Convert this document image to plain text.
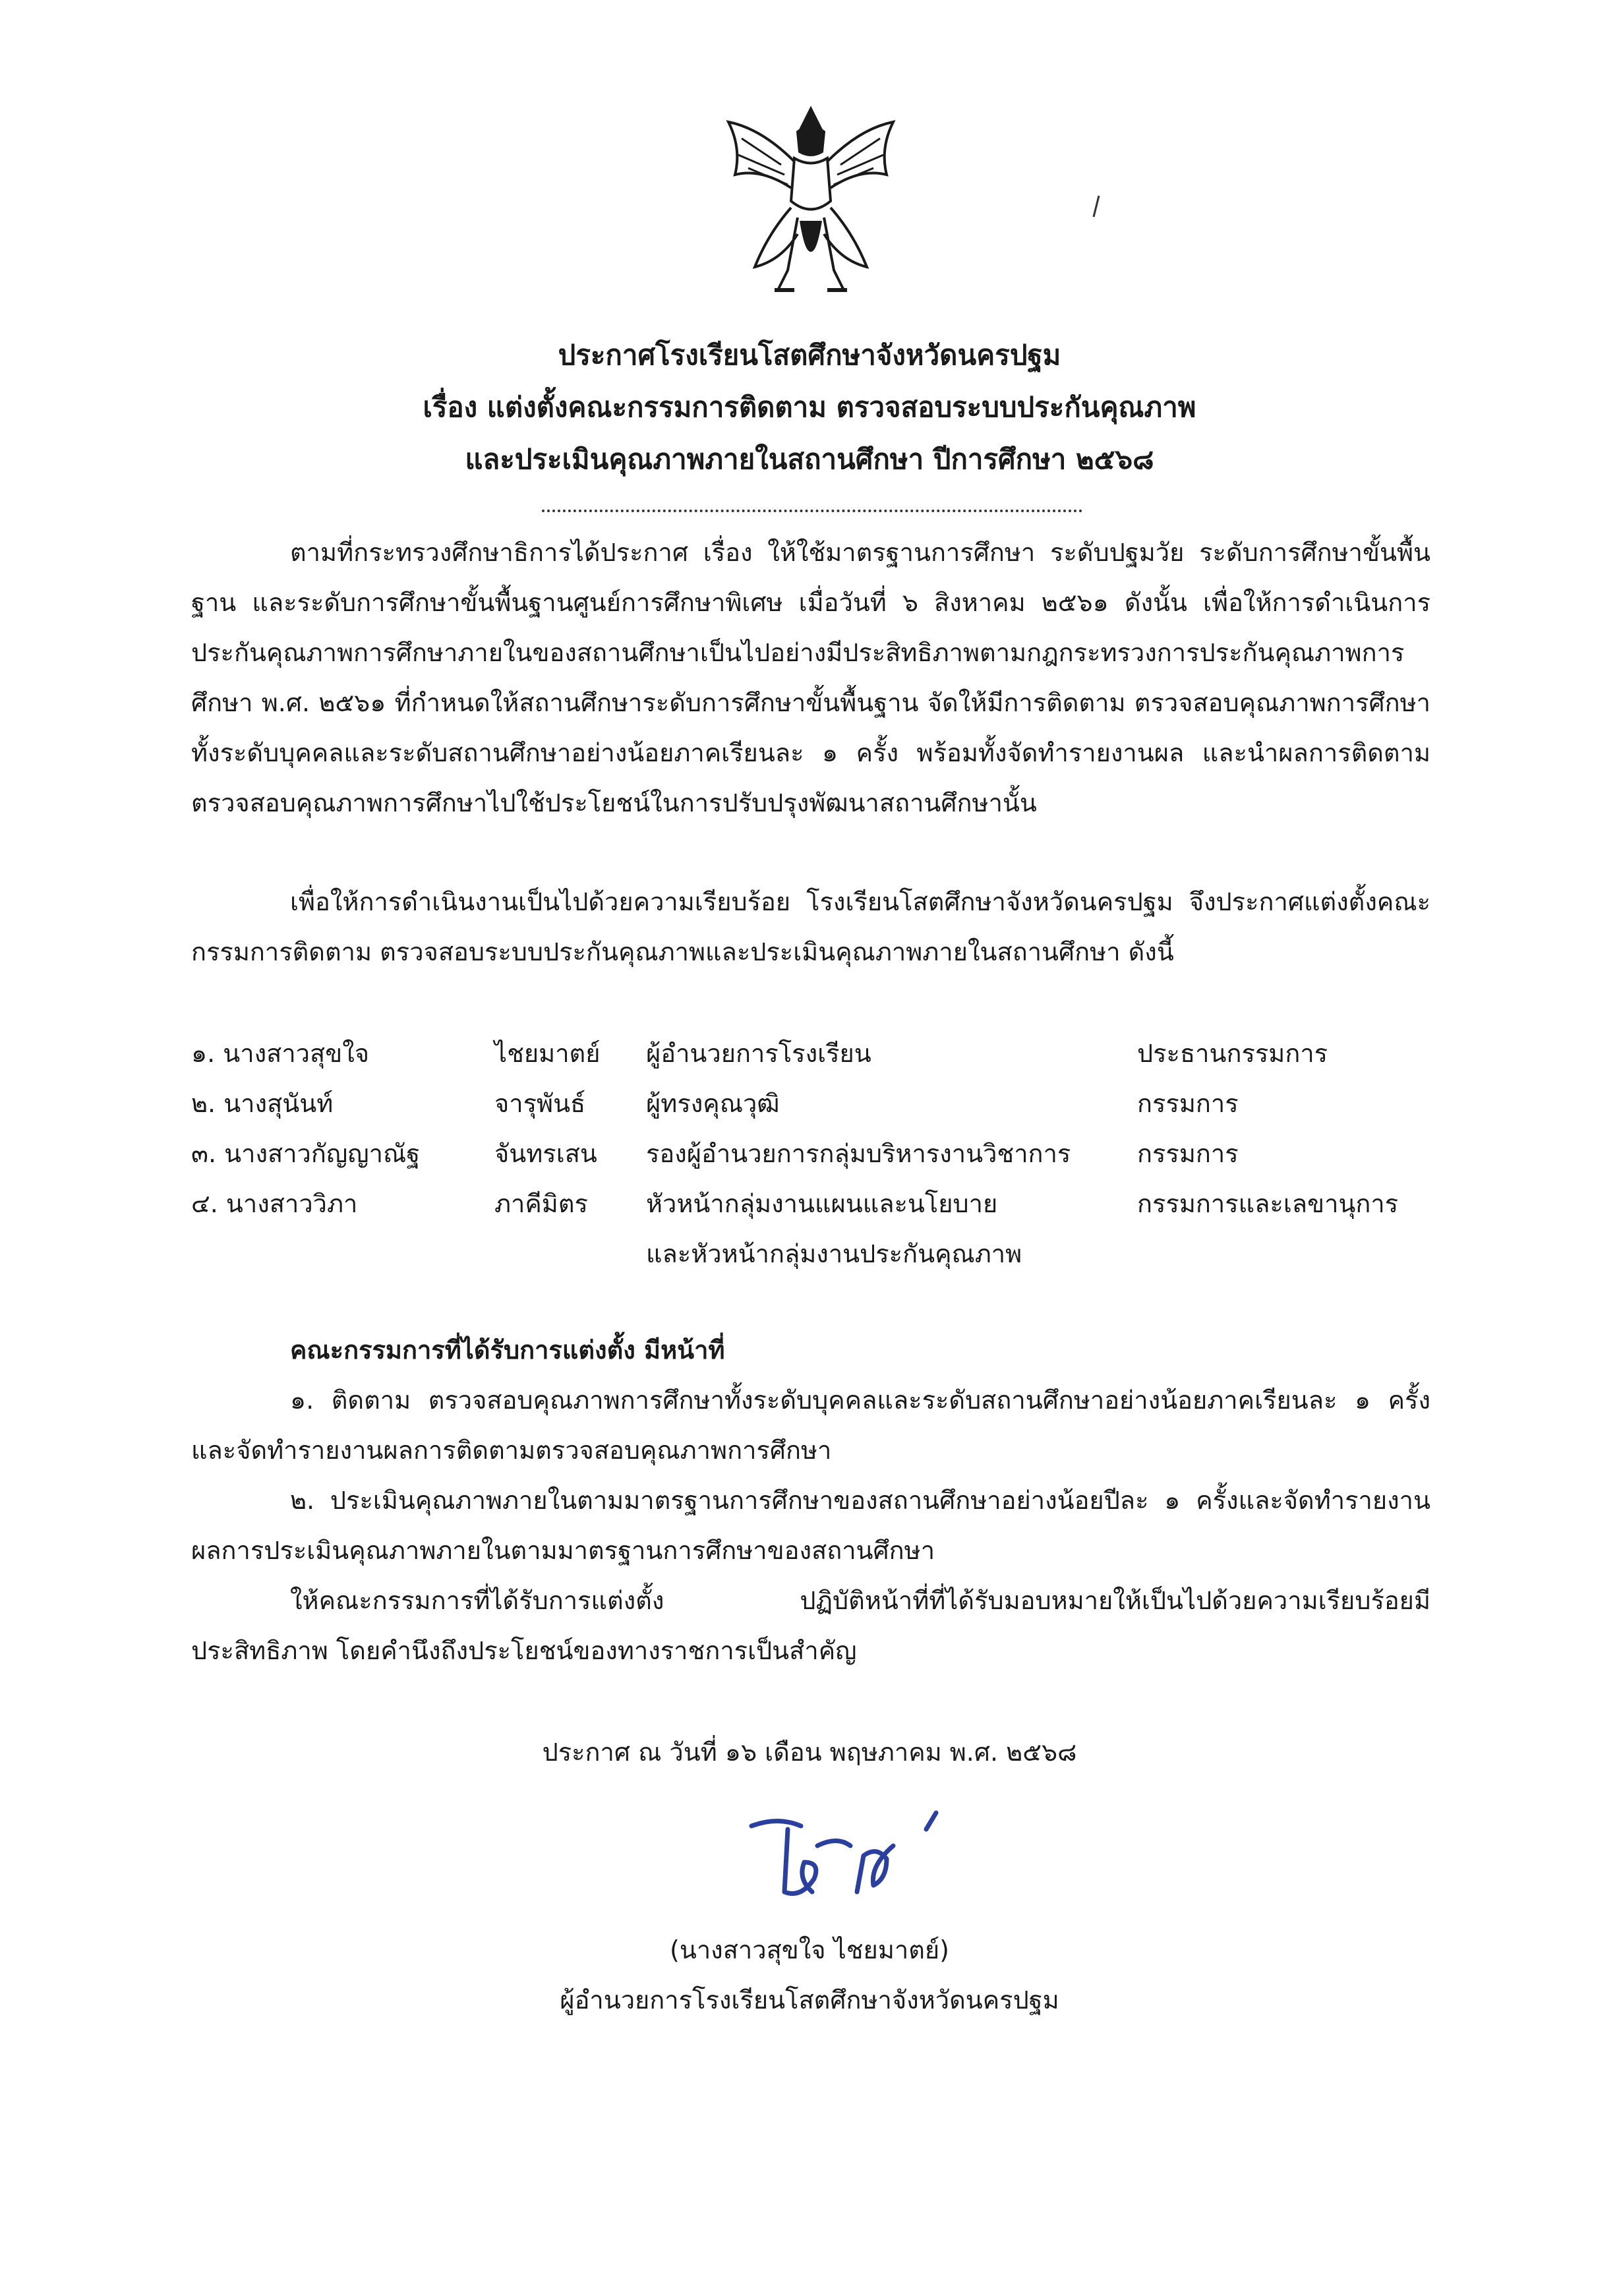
ประกาศโรงเรียนโสตศึกษาจังหวัดนครปฐม
เรื่อง แต่งตั้งคณะกรรมการติดตาม ตรวจสอบระบบประกันคุณภาพ
และประเมินคุณภาพภายในสถานศึกษา ปีการศึกษา ๒๕๖๘

ตามที่กระทรวงศึกษาธิการได้ประกาศ เรื่อง ให้ใช้มาตรฐานการศึกษา ระดับปฐมวัย ระดับการศึกษาขั้นพื้นฐาน และระดับการศึกษาขั้นพื้นฐานศูนย์การศึกษาพิเศษ เมื่อวันที่ ๖ สิงหาคม ๒๕๖๑ ดังนั้น เพื่อให้การดำเนินการประกันคุณภาพการศึกษาภายในของสถานศึกษาเป็นไปอย่างมีประสิทธิภาพตามกฎกระทรวงการประกันคุณภาพการศึกษา พ.ศ. ๒๕๖๑ ที่กำหนดให้สถานศึกษาระดับการศึกษาขั้นพื้นฐาน จัดให้มีการติดตาม ตรวจสอบคุณภาพการศึกษา ทั้งระดับบุคคลและระดับสถานศึกษาอย่างน้อยภาคเรียนละ ๑ ครั้ง พร้อมทั้งจัดทำรายงานผล และนำผลการติดตามตรวจสอบคุณภาพการศึกษาไปใช้ประโยชน์ในการปรับปรุงพัฒนาสถานศึกษานั้น

เพื่อให้การดำเนินงานเป็นไปด้วยความเรียบร้อย โรงเรียนโสตศึกษาจังหวัดนครปฐม จึงประกาศแต่งตั้งคณะกรรมการติดตาม ตรวจสอบระบบประกันคุณภาพและประเมินคุณภาพภายในสถานศึกษา ดังนี้

๑. นางสาวสุขใจ	ไชยมาตย์ ผู้อำนวยการโรงเรียน	ประธานกรรมการ
๒. นางสุนันท์	จารุพันธ์ ผู้ทรงคุณวุฒิ	กรรมการ
๓. นางสาวกัญญาณัฐ	จันทรเสน รองผู้อำนวยการกลุ่มบริหารงานวิชาการ	กรรมการ
๔. นางสาววิภา	ภาคีมิตร หัวหน้ากลุ่มงานแผนและนโยบาย	กรรมการและเลขานุการ
และหัวหน้ากลุ่มงานประกันคุณภาพ
คณะกรรมการที่ได้รับการแต่งตั้ง มีหน้าที่

๑. ติดตาม ตรวจสอบคุณภาพการศึกษาทั้งระดับบุคคลและระดับสถานศึกษาอย่างน้อยภาคเรียนละ ๑ ครั้ง และจัดทำรายงานผลการติดตามตรวจสอบคุณภาพการศึกษา

๒. ประเมินคุณภาพภายในตามมาตรฐานการศึกษาของสถานศึกษาอย่างน้อยปีละ ๑ ครั้งและจัดทำรายงานผลการประเมินคุณภาพภายในตามมาตรฐานการศึกษาของสถานศึกษา

ให้คณะกรรมการที่ได้รับการแต่งตั้ง ปฏิบัติหน้าที่ที่ได้รับมอบหมายให้เป็นไปด้วยความเรียบร้อยมีประสิทธิภาพ โดยคำนึงถึงประโยชน์ของทางราชการเป็นสำคัญ

ประกาศ ณ วันที่ ๑๖ เดือน พฤษภาคม พ.ศ. ๒๕๖๘
(นางสาวสุขใจ ไชยมาตย์)
ผู้อำนวยการโรงเรียนโสตศึกษาจังหวัดนครปฐม
